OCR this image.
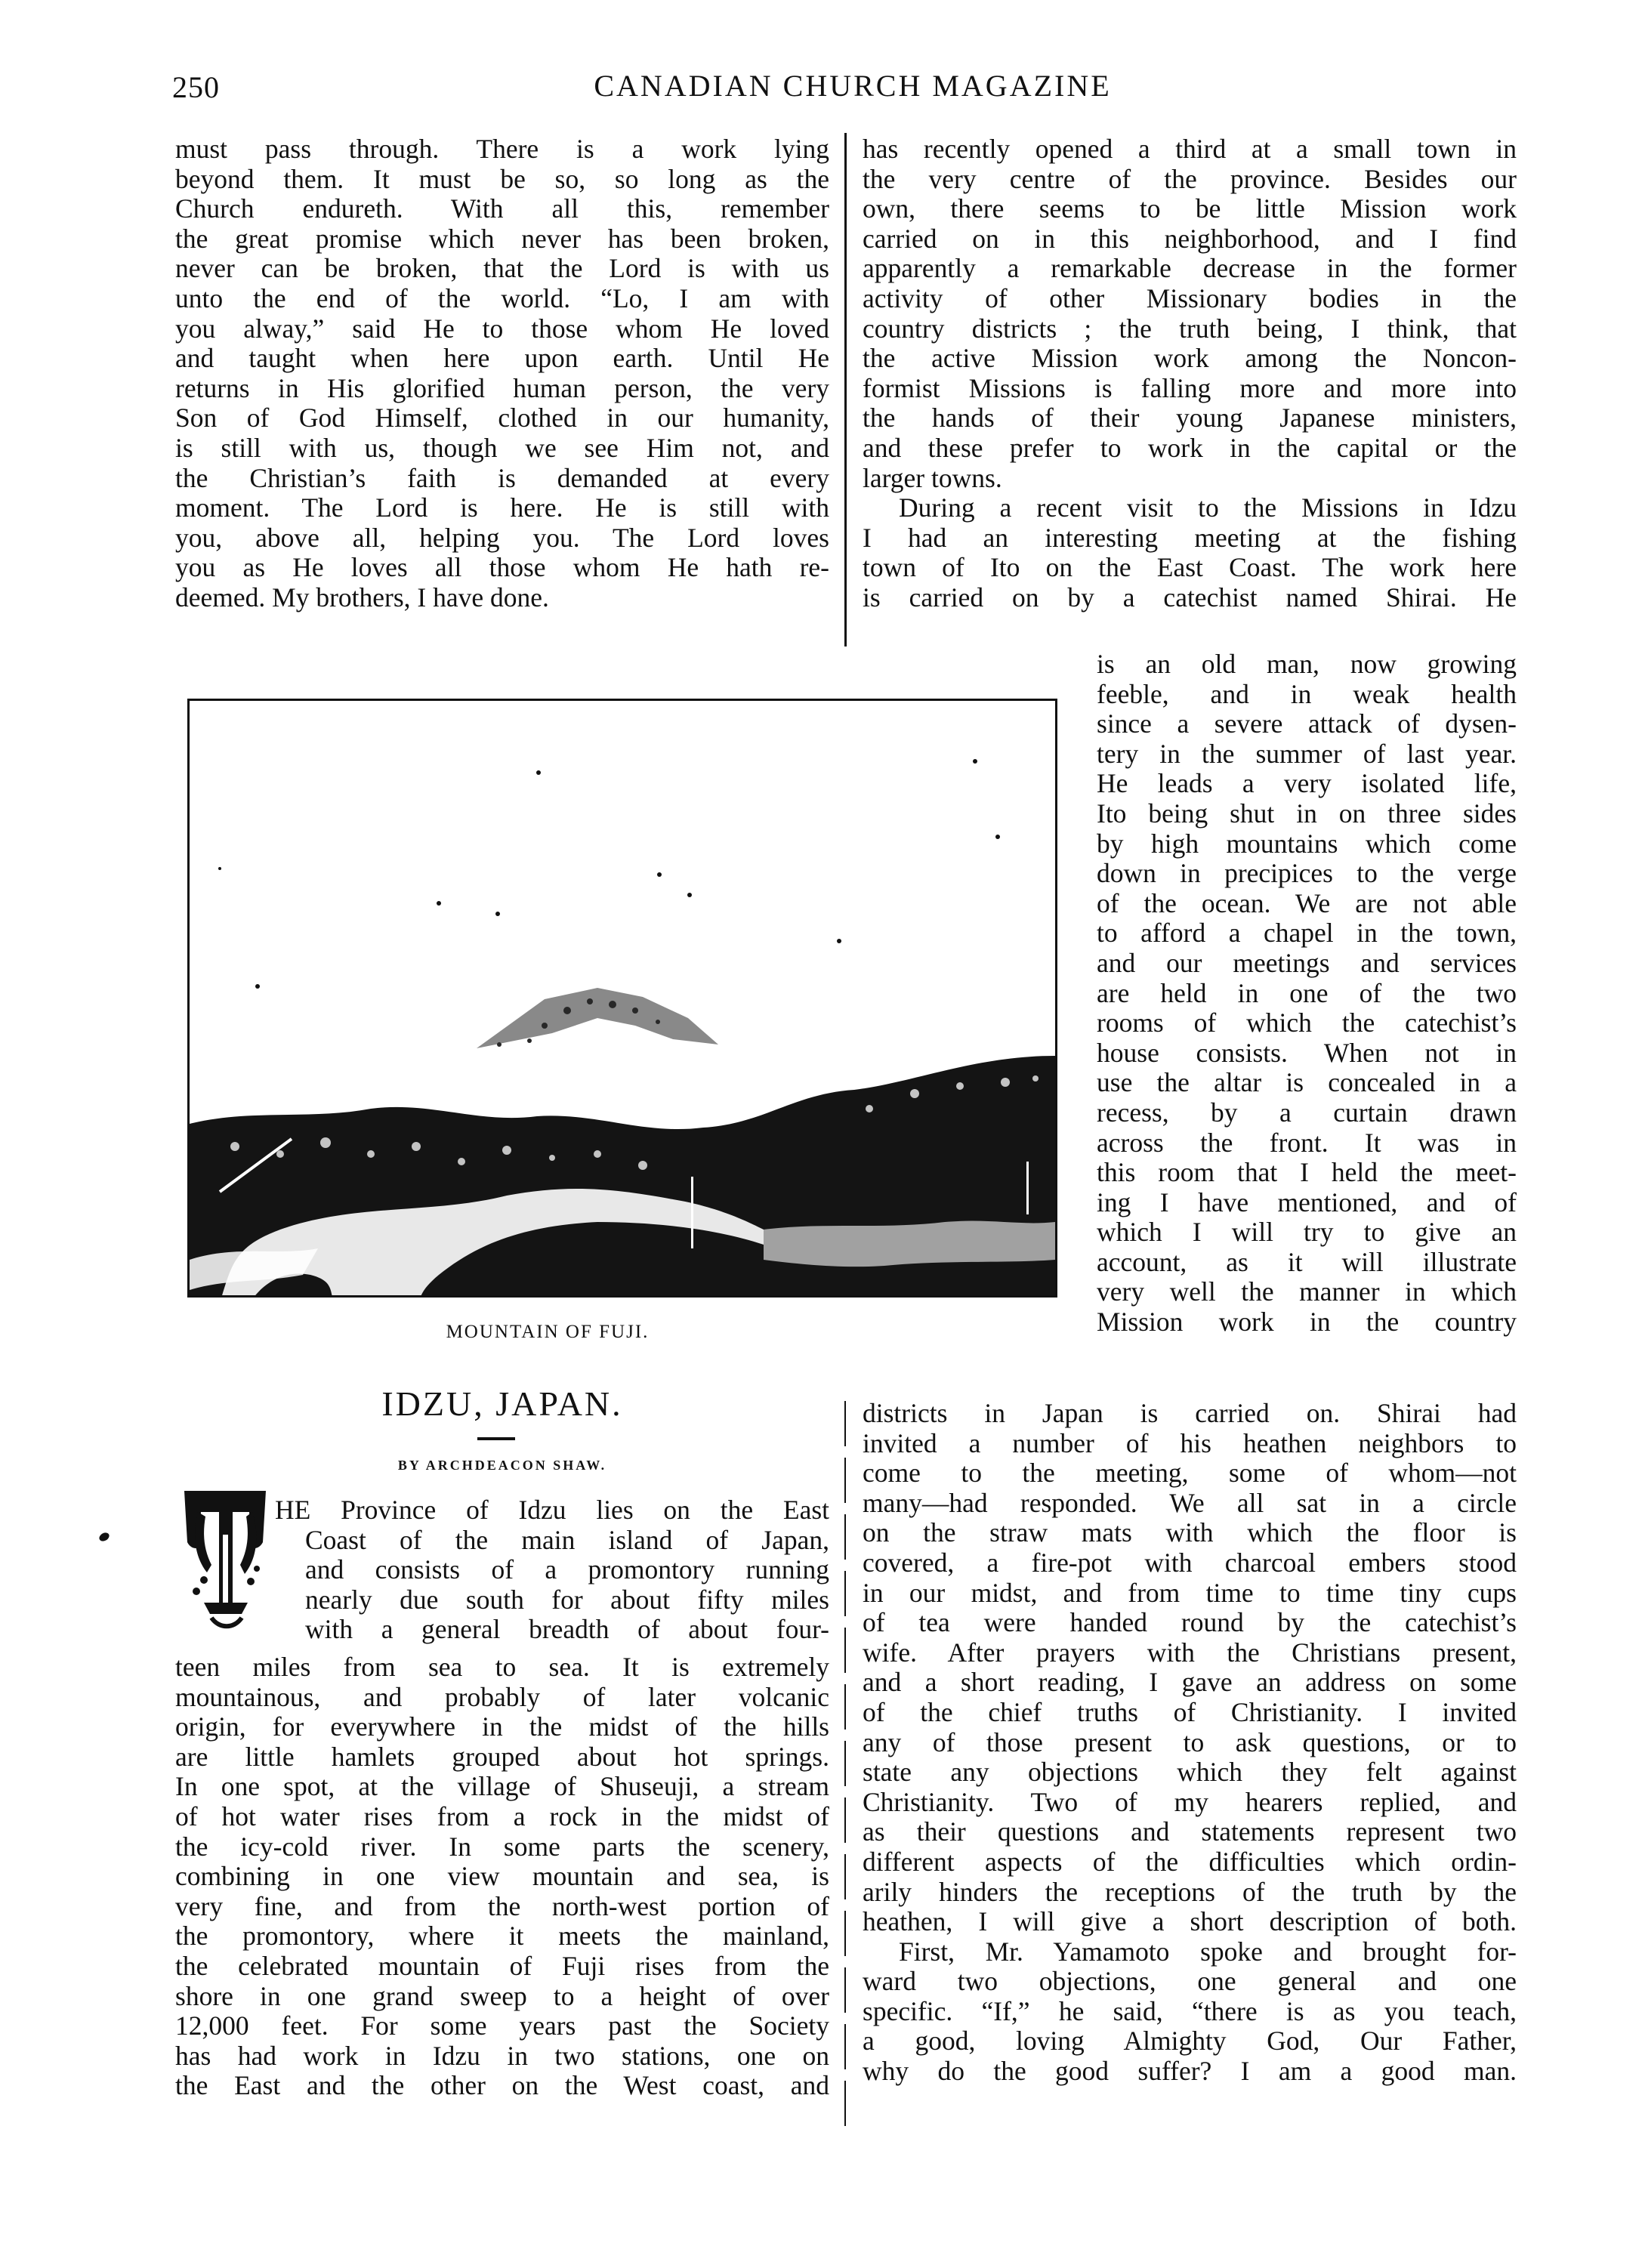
250	CANADIAN CHURCH MAGAZINE
must pass through. There is a work lying
beyond them. It must be so, so long as the
Church endureth. With all this, remember
the great promise which never has been broken,
never can be broken, that the Lord is with us
unto the end of the world. “Lo, I am with
you alway,” said He to those whom He loved
and taught when here upon earth. Until He
returns in His glorified human person, the very
Son of God Himself, clothed in our humanity,
is still with us, though we see Him not, and
the Christian’s faith is demanded at every
moment. The Lord is here. He is still with
you, above all, helping you. The Lord loves
you as He loves all those whom He hath re-
deemed. My brothers, I have done.
MOUNTAIN OF FUJI.
IDZU, JAPAN.
BY ARCHDEACON SHAW.
HE Province of Idzu lies on the East
Coast of the main island of Japan,
and consists of a promontory running
nearly due south for about fifty miles
with a general breadth of about four-
teen miles from sea to sea. It is extremely
mountainous, and probably of later volcanic
origin, for everywhere in the midst of the hills
are little hamlets grouped about hot springs.
In one spot, at the village of Shuseuji, a stream
of hot water rises from a rock in the midst of
the icy-cold river. In some parts the scenery,
combining in one view mountain and sea, is
very fine, and from the north-west portion of
the promontory, where it meets the mainland,
the celebrated mountain of Fuji rises from the
shore in one grand sweep to a height of over
12,000 feet. For some years past the Society
has had work in Idzu in two stations, one on
the East and the other on the West coast, and
has recently opened a third at a small town in
the very centre of the province. Besides our
own, there seems to be little Mission work
carried on in this neighborhood, and I find
apparently a remarkable decrease in the former
activity of other Missionary bodies in the
country districts ; the truth being, I think, that
the active Mission work among the Noncon-
formist Missions is falling more and more into
the hands of their young Japanese ministers,
and these prefer to work in the capital or the
larger towns.
During a recent visit to the Missions in Idzu
I had an interesting meeting at the fishing
town of Ito on the East Coast. The work here
is carried on by a catechist named Shirai. He
is an old man, now growing
feeble, and in weak health
since a severe attack of dysen-
tery in the summer of last year.
He leads a very isolated life,
Ito being shut in on three sides
by high mountains which come
down in precipices to the verge
of the ocean. We are not able
to afford a chapel in the town,
and our meetings and services
are held in one of the two
rooms of which the catechist’s
house consists. When not in
use the altar is concealed in a
recess, by a curtain drawn
across the front. It was in
this room that I held the meet-
ing I have mentioned, and of
which I will try to give an
account, as it will illustrate
very well the manner in which
Mission work in the country
districts in Japan is carried on. Shirai had
invited a number of his heathen neighbors to
come to the meeting, some of whom—not
many—had responded. We all sat in a circle
on the straw mats with which the floor is
covered, a fire-pot with charcoal embers stood
in our midst, and from time to time tiny cups
of tea were handed round by the catechist’s
wife. After prayers with the Christians present,
and a short reading, I gave an address on some
of the chief truths of Christianity. I invited
any of those present to ask questions, or to
state any objections which they felt against
Christianity. Two of my hearers replied, and
as their questions and statements represent two
different aspects of the difficulties which ordin-
arily hinders the receptions of the truth by the
heathen, I will give a short description of both.
First, Mr. Yamamoto spoke and brought for-
ward two objections, one general and one
specific. “If,” he said, “there is as you teach,
a good, loving Almighty God, Our Father,
why do the good suffer? I am a good man.
